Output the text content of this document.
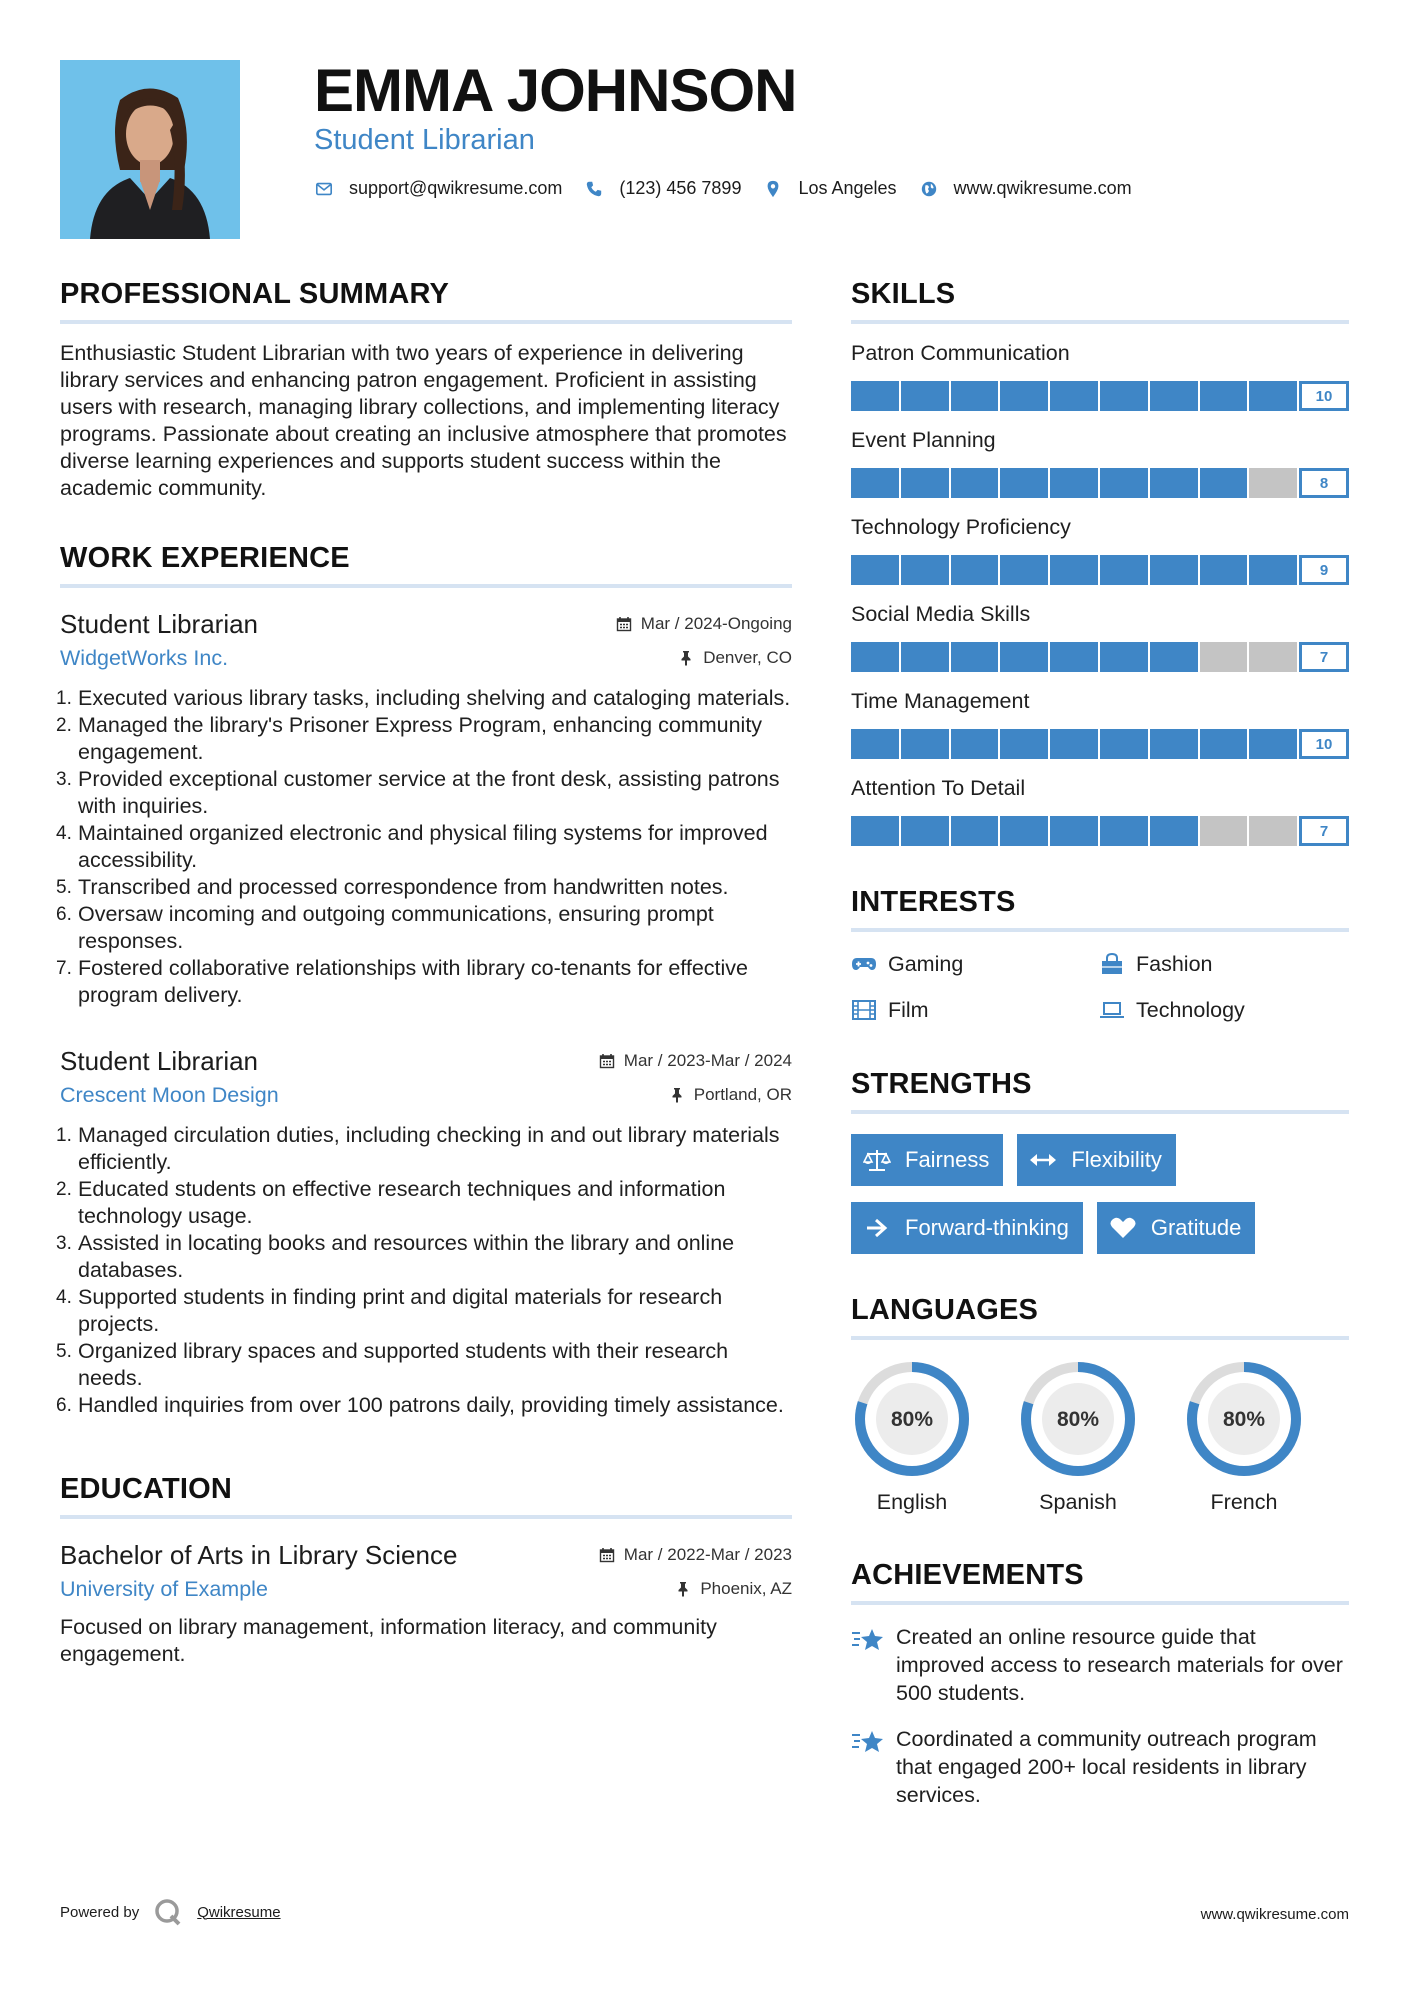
EMMA JOHNSON
Student Librarian
support@qwikresume.com	(123) 456 7899	Los Angeles	www.qwikresume.com
PROFESSIONAL SUMMARY

Enthusiastic Student Librarian with two years of experience in delivering library services and enhancing patron engagement. Proficient in assisting users with research, managing library collections, and implementing literacy programs. Passionate about creating an inclusive atmosphere that promotes diverse learning experiences and supports student success within the academic community.

WORK EXPERIENCE
Student Librarian	Mar / 2024-Ongoing
WidgetWorks Inc.	Denver, CO
Executed various library tasks, including shelving and cataloging materials.
Managed the library's Prisoner Express Program, enhancing community engagement.
Provided exceptional customer service at the front desk, assisting patrons with inquiries.
Maintained organized electronic and physical filing systems for improved accessibility.
Transcribed and processed correspondence from handwritten notes.
Oversaw incoming and outgoing communications, ensuring prompt responses.
Fostered collaborative relationships with library co-tenants for effective program delivery.
Student Librarian	Mar / 2023-Mar / 2024
Crescent Moon Design	Portland, OR
Managed circulation duties, including checking in and out library materials efficiently.
Educated students on effective research techniques and information technology usage.
Assisted in locating books and resources within the library and online databases.
Supported students in finding print and digital materials for research projects.
Organized library spaces and supported students with their research needs.
Handled inquiries from over 100 patrons daily, providing timely assistance.
EDUCATION
Bachelor of Arts in Library Science	Mar / 2022-Mar / 2023
University of Example	Phoenix, AZ

Focused on library management, information literacy, and community engagement.

SKILLS
Patron Communication
10
Event Planning
8
Technology Proficiency
9
Social Media Skills
7
Time Management
10
Attention To Detail
7
INTERESTS
Gaming	Fashion
Film	Technology
STRENGTHS
Fairness	Flexibility
Forward-thinking	Gratitude
LANGUAGES
80%
English
80%
Spanish
80%
French
ACHIEVEMENTS
Created an online resource guide that improved access to research materials for over 500 students.
Coordinated a community outreach program that engaged 200+ local residents in library services.
Powered by	Qwikresume	www.qwikresume.com
